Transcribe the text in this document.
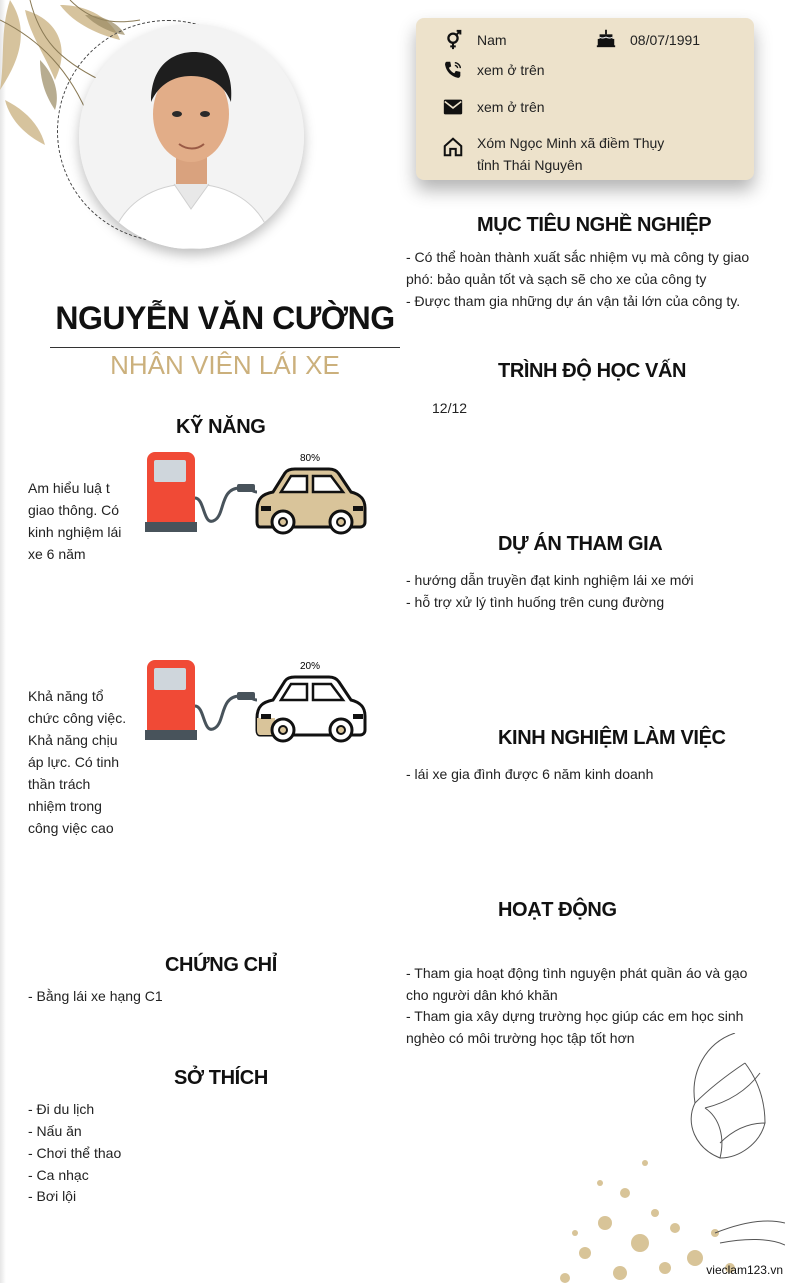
Nam	08/07/1991
xem ở trên
xem ở trên
Xóm Ngọc Minh xã điềm Thụy
tỉnh Thái Nguyên
NGUYỄN VĂN CƯỜNG
NHÂN VIÊN LÁI XE
MỤC TIÊU NGHỀ NGHIỆP
- Có thể hoàn thành xuất sắc nhiệm vụ mà công ty giao
phó: bảo quản tốt và sạch sẽ cho xe của công ty
- Được tham gia những dự án vận tải lớn của công ty.
TRÌNH ĐỘ HỌC VẤN
12/12
DỰ ÁN THAM GIA
- hướng dẫn truyền đạt kinh nghiệm lái xe mới
- hỗ trợ xử lý tình huống trên cung đường
KINH NGHIỆM LÀM VIỆC
- lái xe gia đình được 6 năm kinh doanh
HOẠT ĐỘNG
- Tham gia hoạt động tình nguyện phát quần áo và gạo
cho người dân khó khăn
- Tham gia xây dựng trường học giúp các em học sinh
nghèo có môi trường học tập tốt hơn
KỸ NĂNG
Am hiểu luậ t
giao thông. Có
kinh nghiệm lái
xe 6 năm
80%
Khả năng tổ
chức công việc.
Khả năng chịu
áp lực. Có tinh
thần trách
nhiệm trong
công việc cao
20%
CHỨNG CHỈ
- Bằng lái xe hạng C1
SỞ THÍCH
- Đi du lịch
- Nấu ăn
- Chơi thể thao
- Ca nhạc
- Bơi lội
vieclam123.vn
